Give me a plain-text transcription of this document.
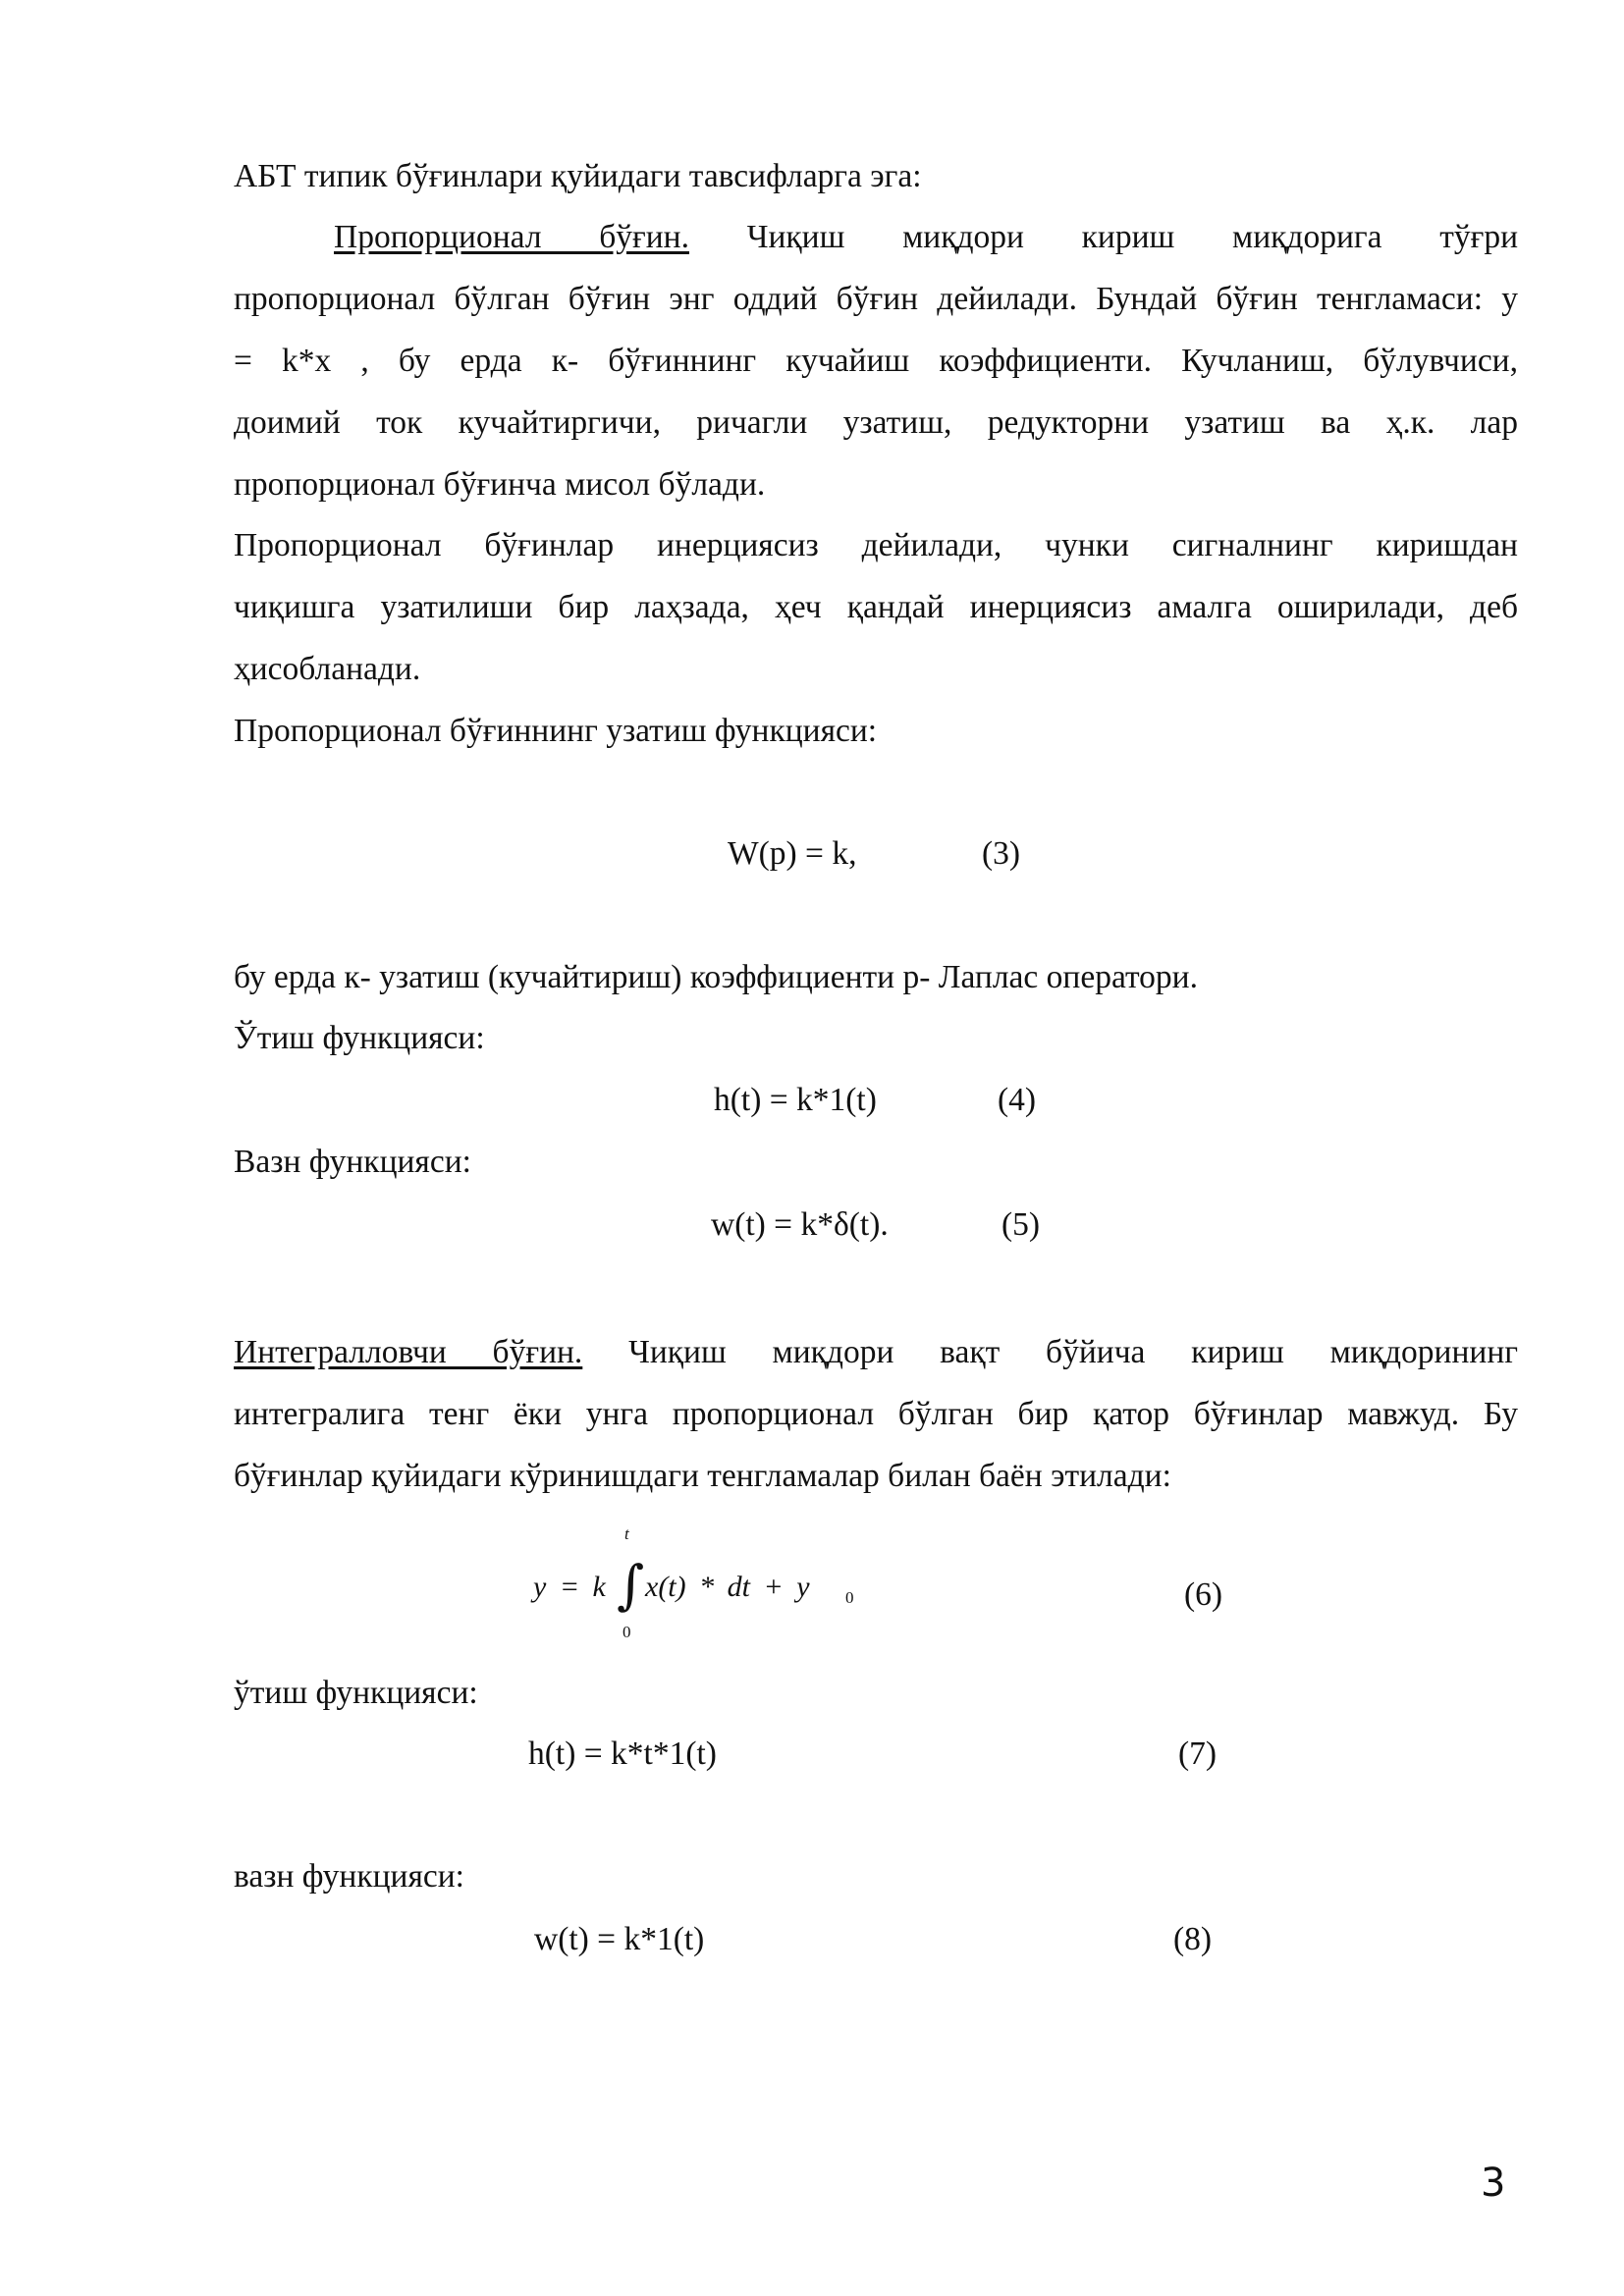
АБТ типик бўғинлари қуйидаги тавсифларга эга:
Пропорционал бўғин. Чиқиш миқдори кириш миқдорига тўғри
пропорционал бўлган бўғин энг оддий бўғин дейилади. Бундай бўғин тенгламаси: у
= k*x , бу ерда к- бўғиннинг кучайиш коэффициенти. Кучланиш, бўлувчиси,
доимий ток кучайтиргичи, ричагли узатиш, редукторни узатиш ва ҳ.к. лар
пропорционал бўғинча мисол бўлади.
Пропорционал бўғинлар инерциясиз дейилади, чунки сигналнинг киришдан
чиқишга узатилиши бир лаҳзада, ҳеч қандай инерциясиз амалга оширилади, деб
ҳисобланади.
Пропорционал бўғиннинг узатиш функцияси:
W(p) = k,	(3)
бу ерда к- узатиш (кучайтириш) коэффициенти р- Лаплас оператори.
Ўтиш функцияси:
h(t) = k*1(t)	(4)
Вазн функцияси:
w(t) = k*δ(t).	(5)
Интегралловчи бўғин. Чиқиш миқдори вақт бўйича кириш миқдорининг
интегралига тенг ёки унга пропорционал бўлган бир қатор бўғинлар мавжуд. Бу
бўғинлар қуйидаги кўринишдаги тенгламалар билан баён этилади:
t
y = k ∫ x(t) * dt + y 0
0
(6)
ўтиш функцияси:
h(t) = k*t*1(t)	(7)
вазн функцияси:
w(t) = k*1(t)	(8)
3
